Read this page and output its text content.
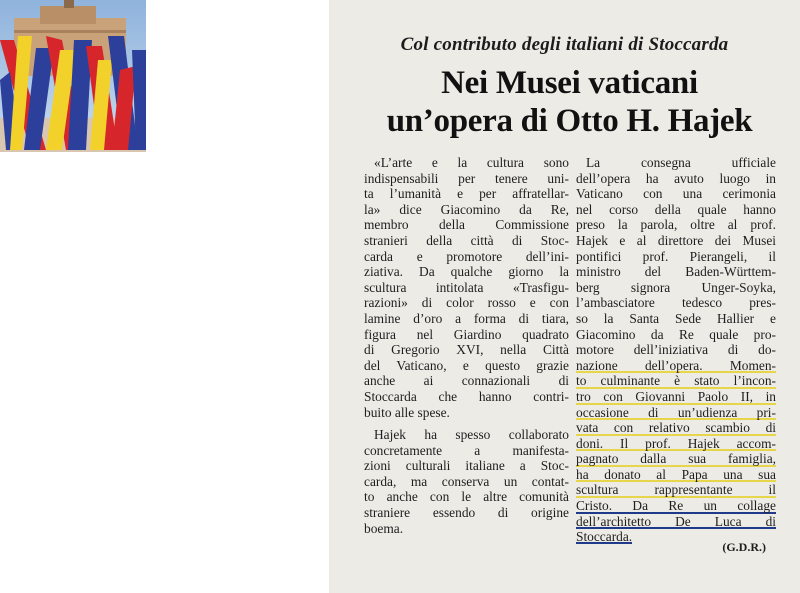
Col contributo degli italiani di Stoccarda
Nei Musei vaticani
un’opera di Otto H. Hajek
«L’arte e la cultura sono
indispensabili per tenere uni-
ta l’umanità e per affratellar-
la» dice Giacomino da Re,
membro della Commissione
stranieri della città di Stoc-
carda e promotore dell’ini-
ziativa. Da qualche giorno la
scultura intitolata «Trasfigu-
razioni» di color rosso e con
lamine d’oro a forma di tiara,
figura nel Giardino quadrato
di Gregorio XVI, nella Città
del Vaticano, e questo grazie
anche ai connazionali di
Stoccarda che hanno contri-
buito alle spese.
Hajek ha spesso collaborato
concretamente a manifesta-
zioni culturali italiane a Stoc-
carda, ma conserva un contat-
to anche con le altre comunità
straniere essendo di origine
boema.
La consegna ufficiale
dell’opera ha avuto luogo in
Vaticano con una cerimonia
nel corso della quale hanno
preso la parola, oltre al prof.
Hajek e al direttore dei Musei
pontifici prof. Pierangeli, il
ministro del Baden-Württem-
berg signora Unger-Soyka,
l’ambasciatore tedesco pres-
so la Santa Sede Hallier e
Giacomino da Re quale pro-
motore dell’iniziativa di do-
nazione dell’opera. Momen-
to culminante è stato l’incon-
tro con Giovanni Paolo II, in
occasione di un’udienza pri-
vata con relativo scambio di
doni. Il prof. Hajek accom-
pagnato dalla sua famiglia,
ha donato al Papa una sua
scultura rappresentante il
Cristo. Da Re un collage
dell’architetto De Luca di
Stoccarda.
(G.D.R.)
